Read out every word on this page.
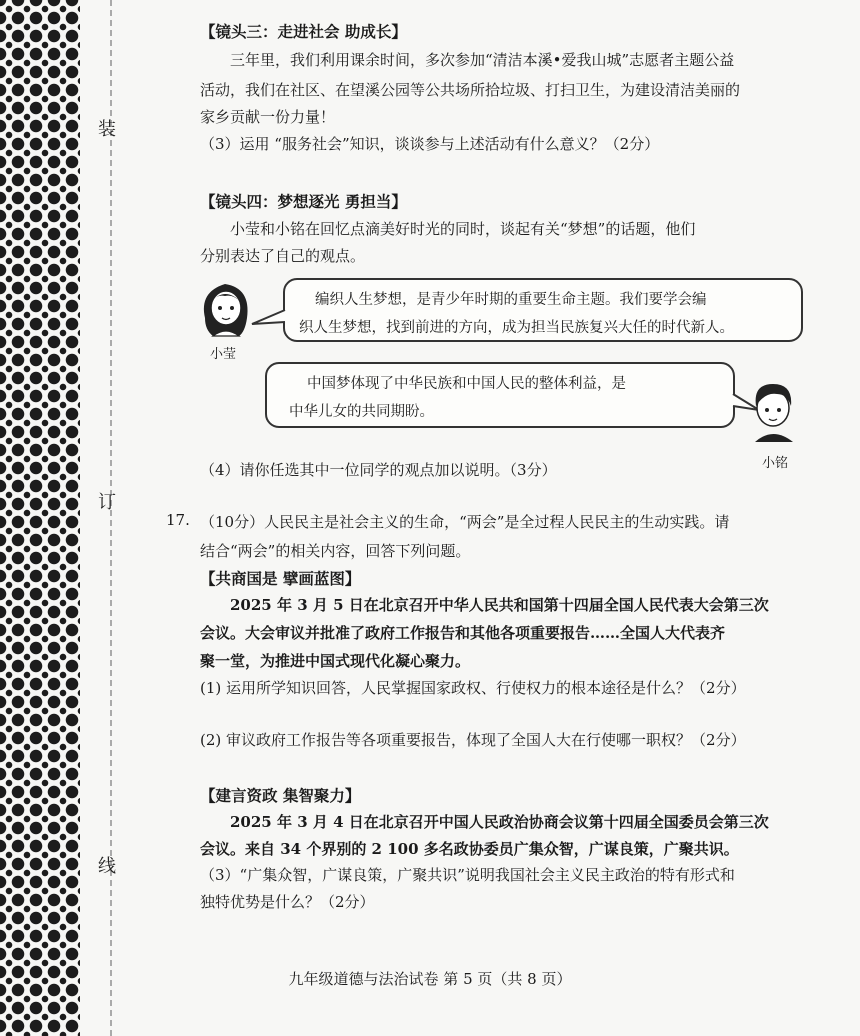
装
订
线
【镜头三：走进社会 助成长】
三年里，我们利用课余时间，多次参加“清洁本溪•爱我山城”志愿者主题公益
活动，我们在社区、在望溪公园等公共场所拾垃圾、打扫卫生，为建设清洁美丽的
家乡贡献一份力量！
（3）运用 “服务社会”知识，谈谈参与上述活动有什么意义？（2分）
【镜头四：梦想逐光 勇担当】
小莹和小铭在回忆点滴美好时光的同时，谈起有关“梦想”的话题，他们
分别表达了自己的观点。
小莹
编织人生梦想，是青少年时期的重要生命主题。我们要学会编
织人生梦想，找到前进的方向，成为担当民族复兴大任的时代新人。
中国梦体现了中华民族和中国人民的整体利益，是
中华儿女的共同期盼。
小铭
（4）请你任选其中一位同学的观点加以说明。（3分）
17. （10分）人民民主是社会主义的生命，“两会”是全过程人民民主的生动实践。请
结合“两会”的相关内容，回答下列问题。
【共商国是 擘画蓝图】
2025 年 3 月 5 日在北京召开中华人民共和国第十四届全国人民代表大会第三次
会议。大会审议并批准了政府工作报告和其他各项重要报告……全国人大代表齐
聚一堂，为推进中国式现代化凝心聚力。
(1) 运用所学知识回答，人民掌握国家政权、行使权力的根本途径是什么？（2分）
(2) 审议政府工作报告等各项重要报告，体现了全国人大在行使哪一职权？（2分）
【建言资政 集智聚力】
2025 年 3 月 4 日在北京召开中国人民政治协商会议第十四届全国委员会第三次
会议。来自 34 个界别的 2 100 多名政协委员广集众智，广谋良策，广聚共识。
（3）“广集众智，广谋良策，广聚共识”说明我国社会主义民主政治的特有形式和
独特优势是什么？（2分）
九年级道德与法治试卷 第 5 页（共 8 页）
